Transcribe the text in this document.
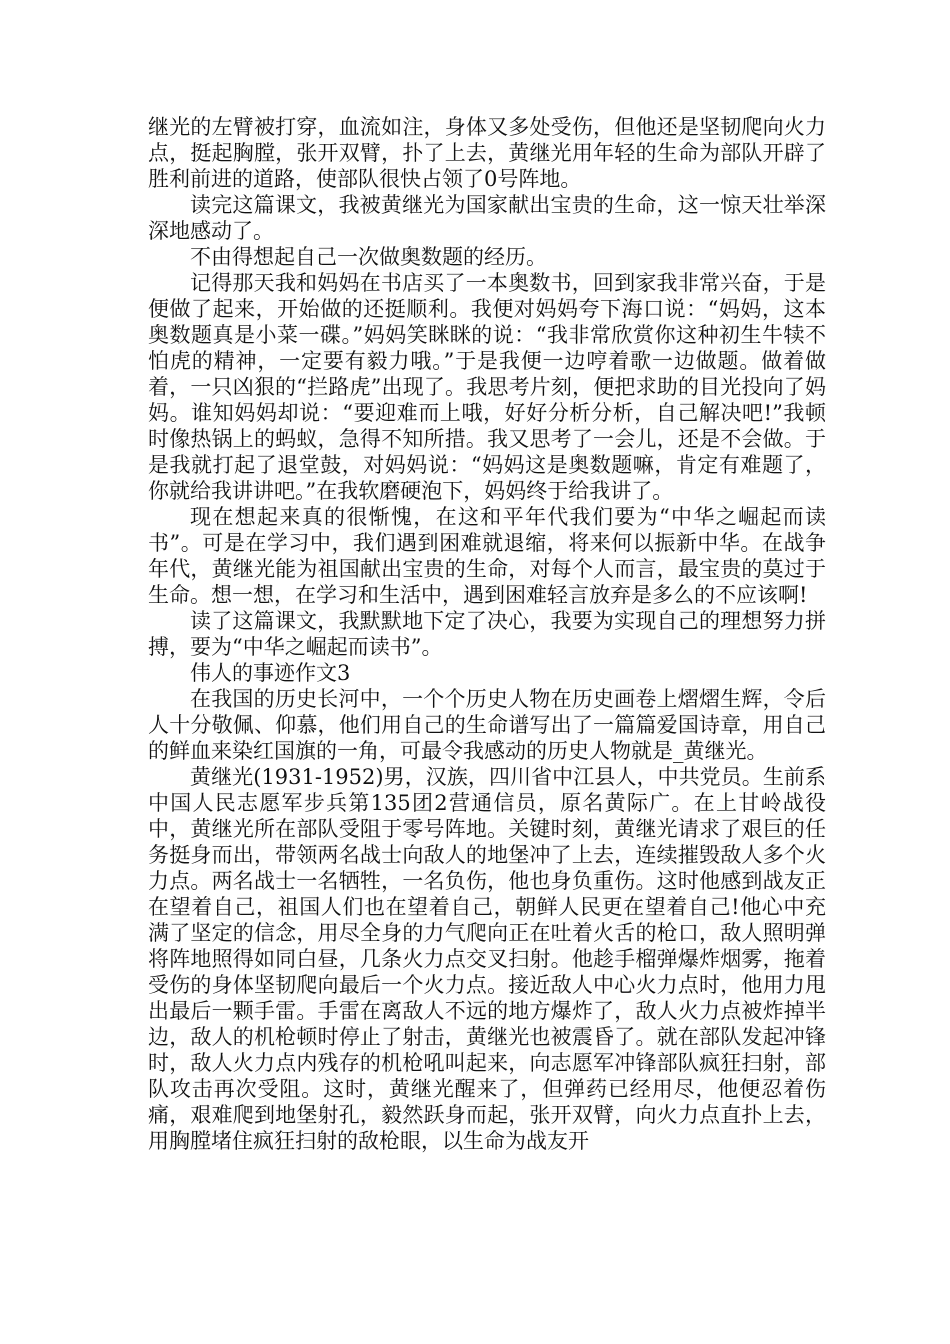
继光的左臂被打穿，血流如注，身体又多处受伤，但他还是坚韧爬向火力点，挺起胸膛，张开双臂，扑了上去，黄继光用年轻的生命为部队开辟了胜利前进的道路，使部队很快占领了0号阵地。

读完这篇课文，我被黄继光为国家献出宝贵的生命，这一惊天壮举深深地感动了。

不由得想起自己一次做奥数题的经历。

记得那天我和妈妈在书店买了一本奥数书，回到家我非常兴奋，于是便做了起来，开始做的还挺顺利。我便对妈妈夸下海口说：“妈妈，这本奥数题真是小菜一碟。”妈妈笑眯眯的说：“我非常欣赏你这种初生牛犊不怕虎的精神，一定要有毅力哦。”于是我便一边哼着歌一边做题。做着做着，一只凶狠的“拦路虎”出现了。我思考片刻，便把求助的目光投向了妈妈。谁知妈妈却说：“要迎难而上哦，好好分析分析，自己解决吧!”我顿时像热锅上的蚂蚁，急得不知所措。我又思考了一会儿，还是不会做。于是我就打起了退堂鼓，对妈妈说：“妈妈这是奥数题嘛，肯定有难题了，你就给我讲讲吧。”在我软磨硬泡下，妈妈终于给我讲了。

现在想起来真的很惭愧，在这和平年代我们要为“中华之崛起而读书”。可是在学习中，我们遇到困难就退缩，将来何以振新中华。在战争年代，黄继光能为祖国献出宝贵的生命，对每个人而言，最宝贵的莫过于生命。想一想，在学习和生活中，遇到困难轻言放弃是多么的不应该啊!

读了这篇课文，我默默地下定了决心，我要为实现自己的理想努力拼搏，要为“中华之崛起而读书”。

伟人的事迹作文3

在我国的历史长河中，一个个历史人物在历史画卷上熠熠生辉，令后人十分敬佩、仰慕，他们用自己的生命谱写出了一篇篇爱国诗章，用自己的鲜血来染红国旗的一角，可最令我感动的历史人物就是_黄继光。

黄继光(1931-1952)男，汉族，四川省中江县人，中共党员。生前系中国人民志愿军步兵第135团2营通信员，原名黄际广。在上甘岭战役中，黄继光所在部队受阻于零号阵地。关键时刻，黄继光请求了艰巨的任务挺身而出，带领两名战士向敌人的地堡冲了上去，连续摧毁敌人多个火力点。两名战士一名牺牲，一名负伤，他也身负重伤。这时他感到战友正在望着自己，祖国人们也在望着自己，朝鲜人民更在望着自己!他心中充满了坚定的信念，用尽全身的力气爬向正在吐着火舌的枪口，敌人照明弹将阵地照得如同白昼，几条火力点交叉扫射。他趁手榴弹爆炸烟雾，拖着受伤的身体坚韧爬向最后一个火力点。接近敌人中心火力点时，他用力甩出最后一颗手雷。手雷在离敌人不远的地方爆炸了，敌人火力点被炸掉半边，敌人的机枪顿时停止了射击，黄继光也被震昏了。就在部队发起冲锋时，敌人火力点内残存的机枪吼叫起来，向志愿军冲锋部队疯狂扫射，部队攻击再次受阻。这时，黄继光醒来了，但弹药已经用尽，他便忍着伤痛，艰难爬到地堡射孔，毅然跃身而起，张开双臂，向火力点直扑上去，用胸膛堵住疯狂扫射的敌枪眼，以生命为战友开
